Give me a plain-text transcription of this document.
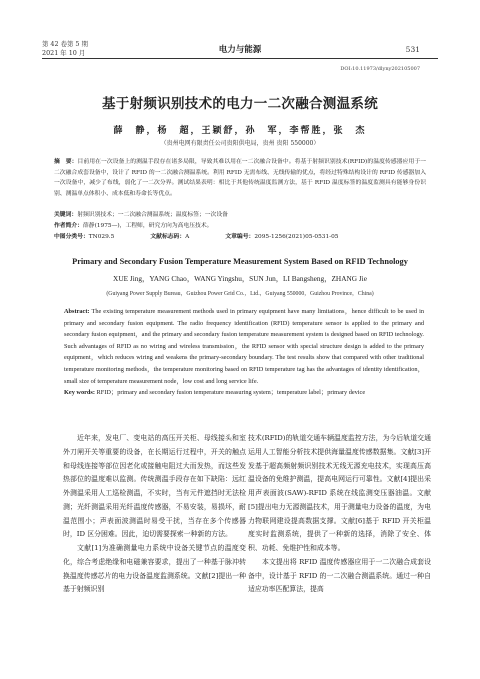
第 42 卷第 5 期
2021 年 10 月	电力与能源	531
DOI:10.11973/dlyny202105007
基于射频识别技术的电力一二次融合测温系统
薛　静，杨　超，王颖舒，孙　军，李帮胜，张　杰
（贵州电网有限责任公司贵阳供电局，贵州 贵阳 550000）
摘　要：目前用在一次设备上的测温手段存在诸多局限，导致其难以用在一二次融合设备中。将基于射频识别技术(RFID)的温度传感器应用于一二次融合成套设备中，设计了 RFID 的一二次融合测温系统。利用 RFID 无需布线、无线传输的优点，将经过特殊结构设计的 RFID 传感器加入一次设备中，减少了布线，弱化了一二次分界。测试结果表明：相比于其他传统温度监测方法，基于 RFID 温度标签的温度监测具有能够身份识别、测温单点体积小、成本低和寿命长等优点。
关键词：射频识别技术；一二次融合测温系统；温度标签；一次设备
作者简介：薛静(1975—)，工程师，研究方向为高电压技术。
中图分类号：TN029.5	文献标志码：A	文章编号：2095-1256(2021)05-0531-05
Primary and Secondary Fusion Temperature Measurement System Based on RFID Technology
XUE Jing，YANG Chao，WANG Yingshu，SUN Jun，LI Bangsheng，ZHANG Jie
(Guiyang Power Supply Bureau，Guizhou Power Grid Co.，Ltd.，Guiyang 550000，Guizhou Province，China)
Abstract: The existing temperature measurement methods used in primary equipment have many limitations，hence difficult to be used in primary and secondary fusion equipment. The radio frequency identification (RFID) temperature sensor is applied to the primary and secondary fusion equipment，and the primary and secondary fusion temperature measurement system is designed based on RFID technology. Such advantages of RFID as no wiring and wireless transmission，the RFID sensor with special structure design is added to the primary equipment，which reduces wiring and weakens the primary-secondary boundary. The test results show that compared with other traditional temperature monitoring methods，the temperature monitoring based on RFID temperature tag has the advantages of identity identification，small size of temperature measurement node，low cost and long service life.
Key words: RFID；primary and secondary fusion temperature measuring system；temperature label；primary device

近年来，发电厂、变电站的高压开关柜、母线接头和室外刀闸开关等重要的设备，在长期运行过程中，开关的触点和母线连接等部位因老化或接触电阻过大而发热，而这些发热部位的温度难以监测。传统测温手段存在如下缺陷：远红外测温采用人工巡检测温，不实时，当有元件遮挡时无法检测；光纤测温采用光纤温度传感器，不易安装，易损坏，耐温范围小；声表面波测温时易受干扰，当存在多个传感器时，ID 区分困难。因此，迫切需要探索一种新的方法。

文献[1]为准确测量电力系统中设备关键节点的温度变化，综合考虑绝缘和电磁兼容要求，提出了一种基于脉冲转换温度传感芯片的电力设备温度监测系统。文献[2]提出一种基于射频识别

技术(RFID)的轨道交通车辆温度监控方法，为今后轨道交通运用人工智能分析技术提供海量温度传感数据集。文献[3]开发基于超高频射频识别技术无线无源充电技术，实现高压高温设备的免维护测温，提高电网运行可靠性。文献[4]提出采用声表面波(SAW)-RFID 系统在线监测变压器油温。文献[5]提出电力无源测温技术，用于测量电力设备的温度，为电力物联网建设提高数据支撑。文献[6]基于 RFID 开关柜温度实时监测系统，提供了一种新的选择，消除了安全、体积、功耗、免维护性和成本等。

本文提出将 RFID 温度传感器应用于一二次融合成套设备中，设计基于 RFID 的一二次融合测温系统。通过一种自适应功率匹配算法，提高
